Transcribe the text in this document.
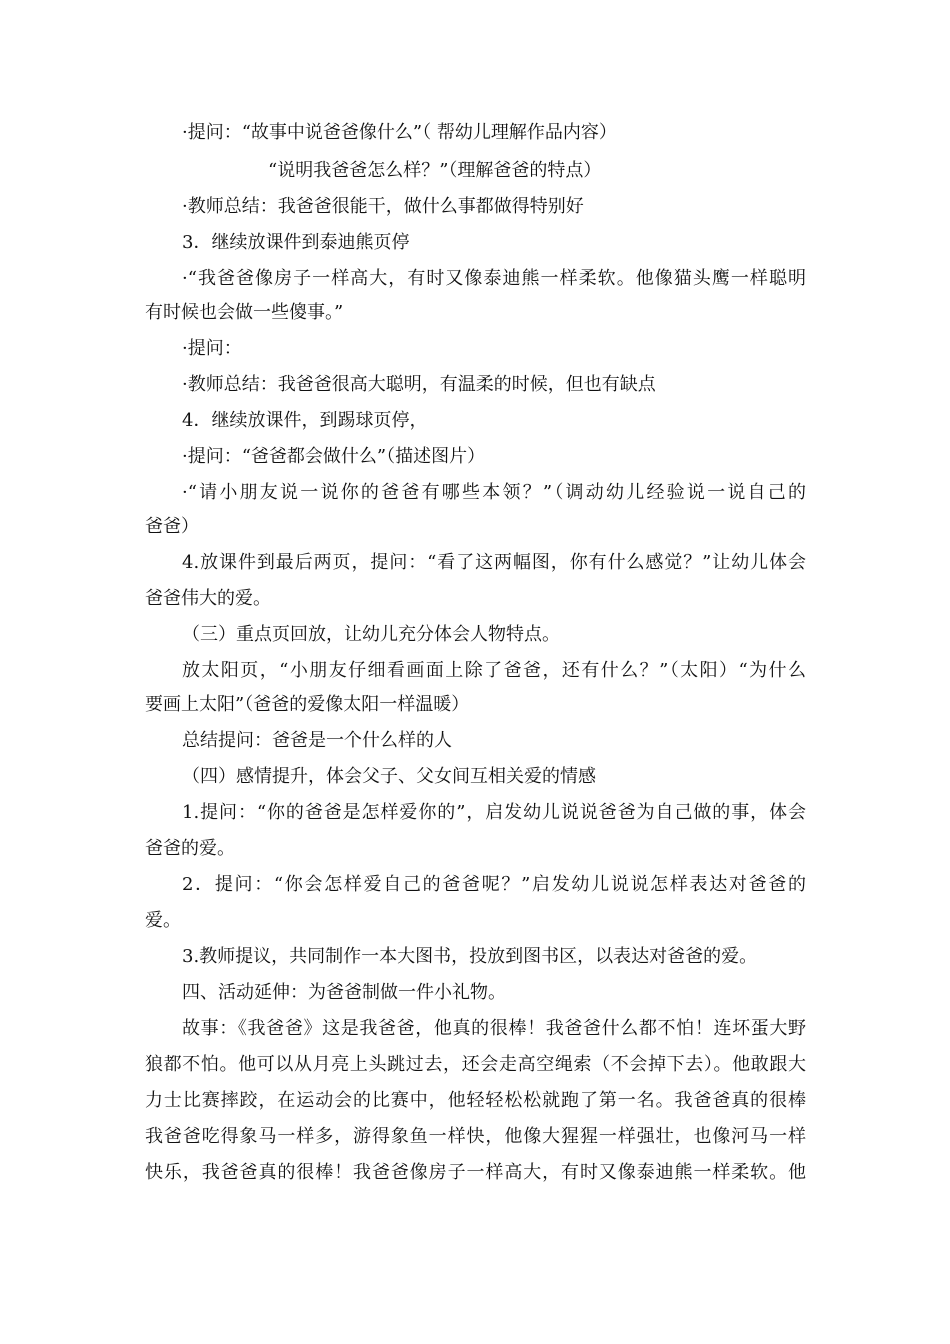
·提问：“故事中说爸爸像什么”（ 帮幼儿理解作品内容）
“说明我爸爸怎么样？”（理解爸爸的特点）
·教师总结：我爸爸很能干，做什么事都做得特别好
3．继续放课件到泰迪熊页停
·“我爸爸像房子一样高大，有时又像泰迪熊一样柔软。他像猫头鹰一样聪明
有时候也会做一些傻事。”
·提问：
·教师总结：我爸爸很高大聪明，有温柔的时候，但也有缺点
4．继续放课件，到踢球页停，
·提问：“爸爸都会做什么”（描述图片）
·“请小朋友说一说你的爸爸有哪些本领？”（调动幼儿经验说一说自己的
爸爸）
4.放课件到最后两页，提问：“看了这两幅图，你有什么感觉？”让幼儿体会
爸爸伟大的爱。
（三）重点页回放，让幼儿充分体会人物特点。
放太阳页，“小朋友仔细看画面上除了爸爸，还有什么？”（太阳）“为什么
要画上太阳”（爸爸的爱像太阳一样温暖）
总结提问：爸爸是一个什么样的人
（四）感情提升，体会父子、父女间互相关爱的情感
1.提问：“你的爸爸是怎样爱你的”，启发幼儿说说爸爸为自己做的事，体会
爸爸的爱。
2．提问：“你会怎样爱自己的爸爸呢？”启发幼儿说说怎样表达对爸爸的
爱。
3.教师提议，共同制作一本大图书，投放到图书区，以表达对爸爸的爱。
四、活动延伸：为爸爸制做一件小礼物。
故事：《我爸爸》这是我爸爸，他真的很棒！我爸爸什么都不怕！连坏蛋大野
狼都不怕。他可以从月亮上头跳过去，还会走高空绳索（不会掉下去）。他敢跟大
力士比赛摔跤，在运动会的比赛中，他轻轻松松就跑了第一名。我爸爸真的很棒
我爸爸吃得象马一样多，游得象鱼一样快，他像大猩猩一样强壮，也像河马一样
快乐，我爸爸真的很棒！我爸爸像房子一样高大，有时又像泰迪熊一样柔软。他
